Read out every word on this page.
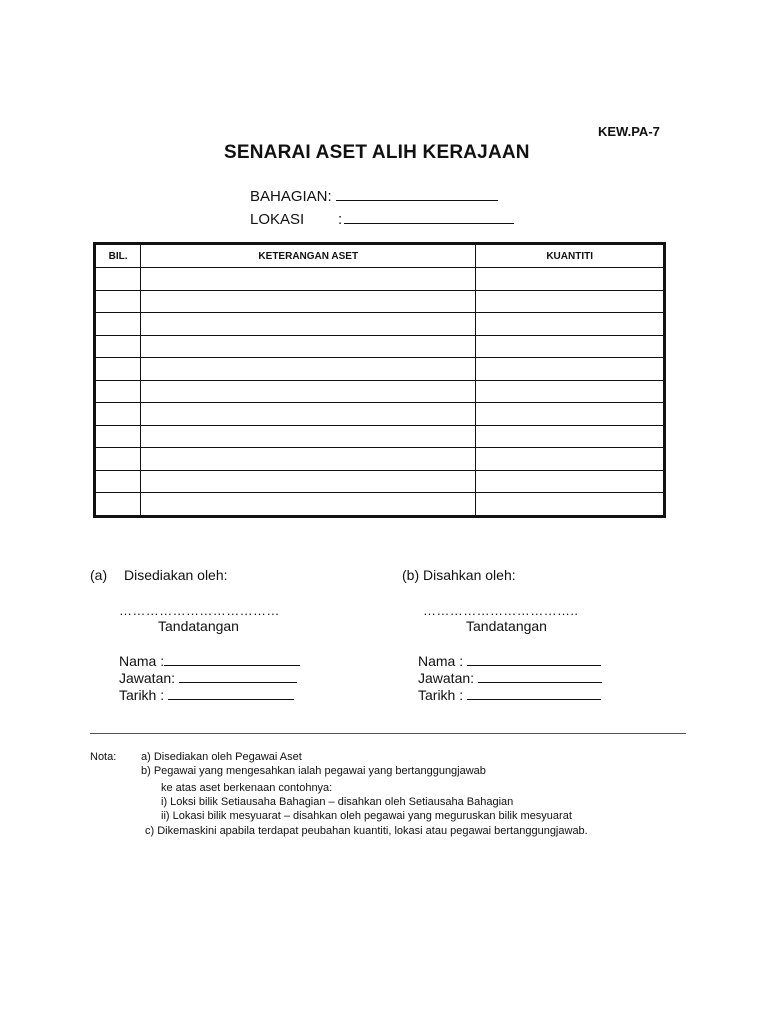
KEW.PA-7
SENARAI ASET ALIH KERAJAAN
BAHAGIAN:
LOKASI :
BIL.	KETERANGAN ASET	KUANTITI

(a) Disediakan oleh:
………………………………
Tandatangan
Nama :
Jawatan:
Tarikh :
(b) Disahkan oleh:
……………………………..
Tandatangan
Nama :
Jawatan:
Tarikh :
Nota: a) Disediakan oleh Pegawai Aset
b) Pegawai yang mengesahkan ialah pegawai yang bertanggungjawab
ke atas aset berkenaan contohnya:
i) Loksi bilik Setiausaha Bahagian – disahkan oleh Setiausaha Bahagian
ii) Lokasi bilik mesyuarat – disahkan oleh pegawai yang meguruskan bilik mesyuarat
c) Dikemaskini apabila terdapat peubahan kuantiti, lokasi atau pegawai bertanggungjawab.
